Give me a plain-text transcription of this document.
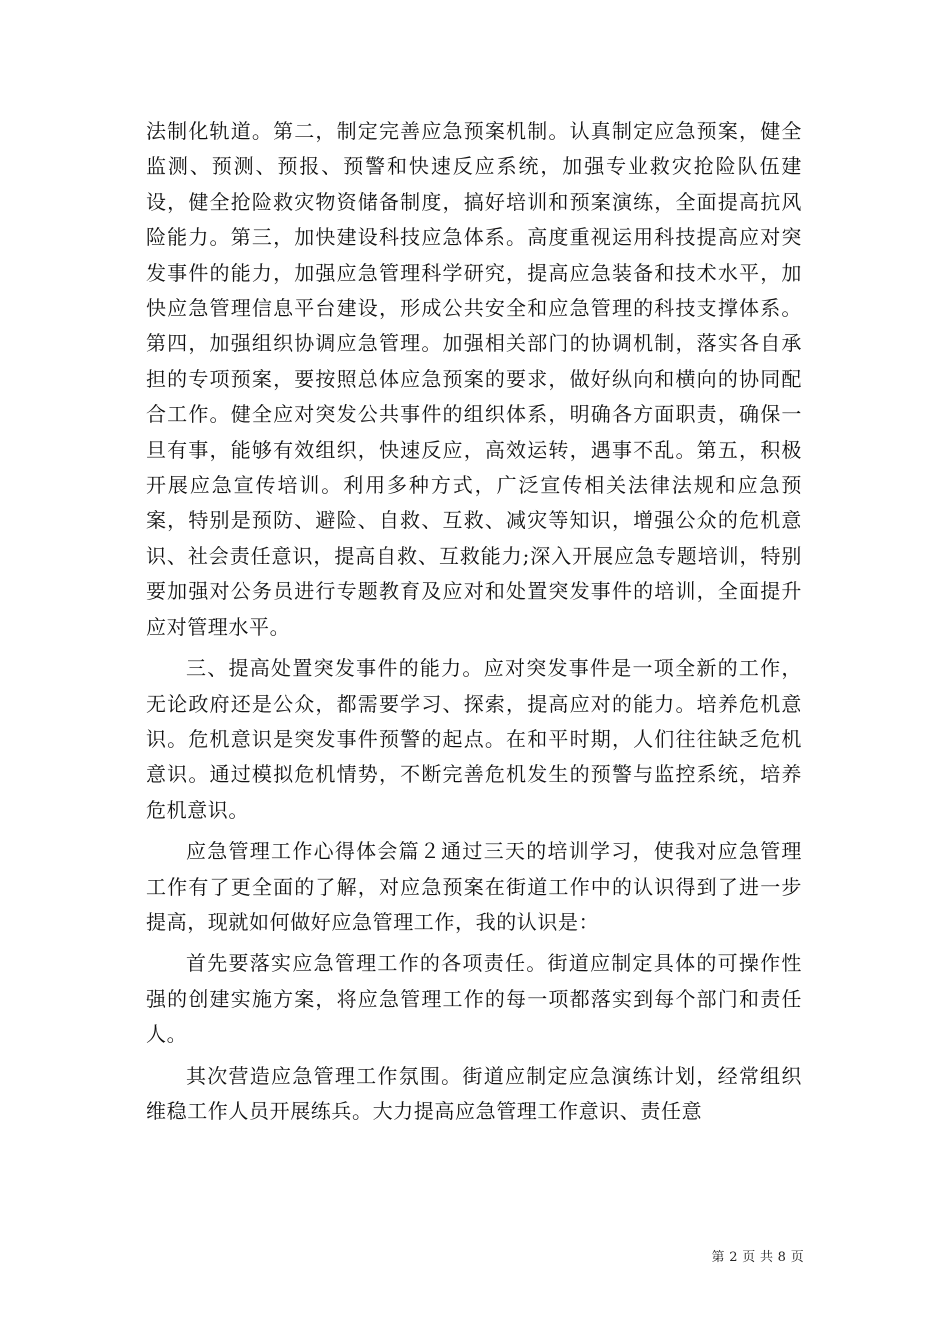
法制化轨道。第二，制定完善应急预案机制。认真制定应急预案，健全监测、预测、预报、预警和快速反应系统，加强专业救灾抢险队伍建设，健全抢险救灾物资储备制度，搞好培训和预案演练，全面提高抗风险能力。第三，加快建设科技应急体系。高度重视运用科技提高应对突发事件的能力，加强应急管理科学研究，提高应急装备和技术水平，加快应急管理信息平台建设，形成公共安全和应急管理的科技支撑体系。第四，加强组织协调应急管理。加强相关部门的协调机制，落实各自承担的专项预案，要按照总体应急预案的要求，做好纵向和横向的协同配合工作。健全应对突发公共事件的组织体系，明确各方面职责，确保一旦有事，能够有效组织，快速反应，高效运转，遇事不乱。第五，积极开展应急宣传培训。利用多种方式，广泛宣传相关法律法规和应急预案，特别是预防、避险、自救、互救、减灾等知识，增强公众的危机意识、社会责任意识，提高自救、互救能力;深入开展应急专题培训，特别要加强对公务员进行专题教育及应对和处置突发事件的培训，全面提升应对管理水平。

三、提高处置突发事件的能力。应对突发事件是一项全新的工作，无论政府还是公众，都需要学习、探索，提高应对的能力。培养危机意识。危机意识是突发事件预警的起点。在和平时期，人们往往缺乏危机意识。通过模拟危机情势，不断完善危机发生的预警与监控系统，培养危机意识。

应急管理工作心得体会篇２通过三天的培训学习，使我对应急管理工作有了更全面的了解，对应急预案在街道工作中的认识得到了进一步提高，现就如何做好应急管理工作，我的认识是：

首先要落实应急管理工作的各项责任。街道应制定具体的可操作性强的创建实施方案，将应急管理工作的每一项都落实到每个部门和责任人。

其次营造应急管理工作氛围。街道应制定应急演练计划，经常组织维稳工作人员开展练兵。大力提高应急管理工作意识、责任意

第 2 页 共 8 页
